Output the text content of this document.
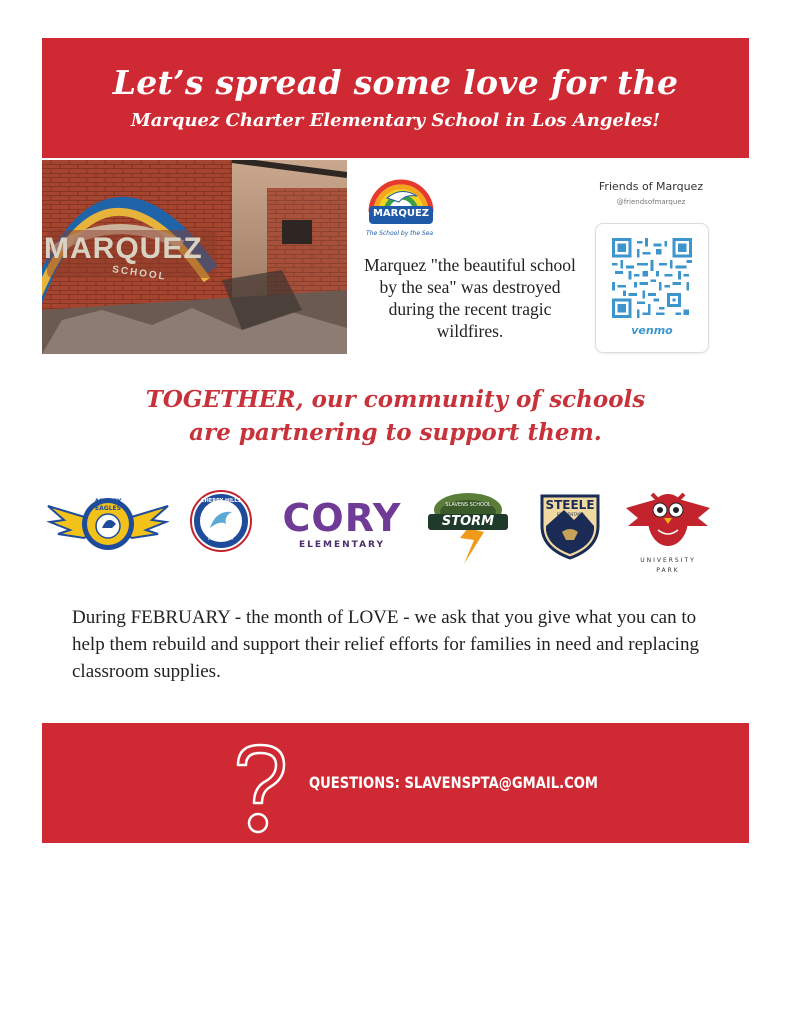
Let’s spread some love for the
Marquez Charter Elementary School in Los Angeles!
MARQUEZ
SCHOOL
MARQUEZ
SCHOOL
The School by the Sea
Marquez "the beautiful school by the sea" was destroyed during the recent tragic wildfires.
Friends of Marquez
@friendsofmarquez
venmo
TOGETHER, our community of schools
are partnering to support them.
ASBURY EAGLES
CHERRY HILLS VILLAGE
ELEMENTARY	CORY
ELEMENTARY
SLAVENS SCHOOL
STORM
STEELE
ELEMENTARY
UNIVERSITY
PARK
During FEBRUARY - the month of LOVE - we ask that you give what you can to help them rebuild and support their relief efforts for families in need and replacing classroom supplies.
QUESTIONS: SLAVENSPTA@GMAIL.COM
